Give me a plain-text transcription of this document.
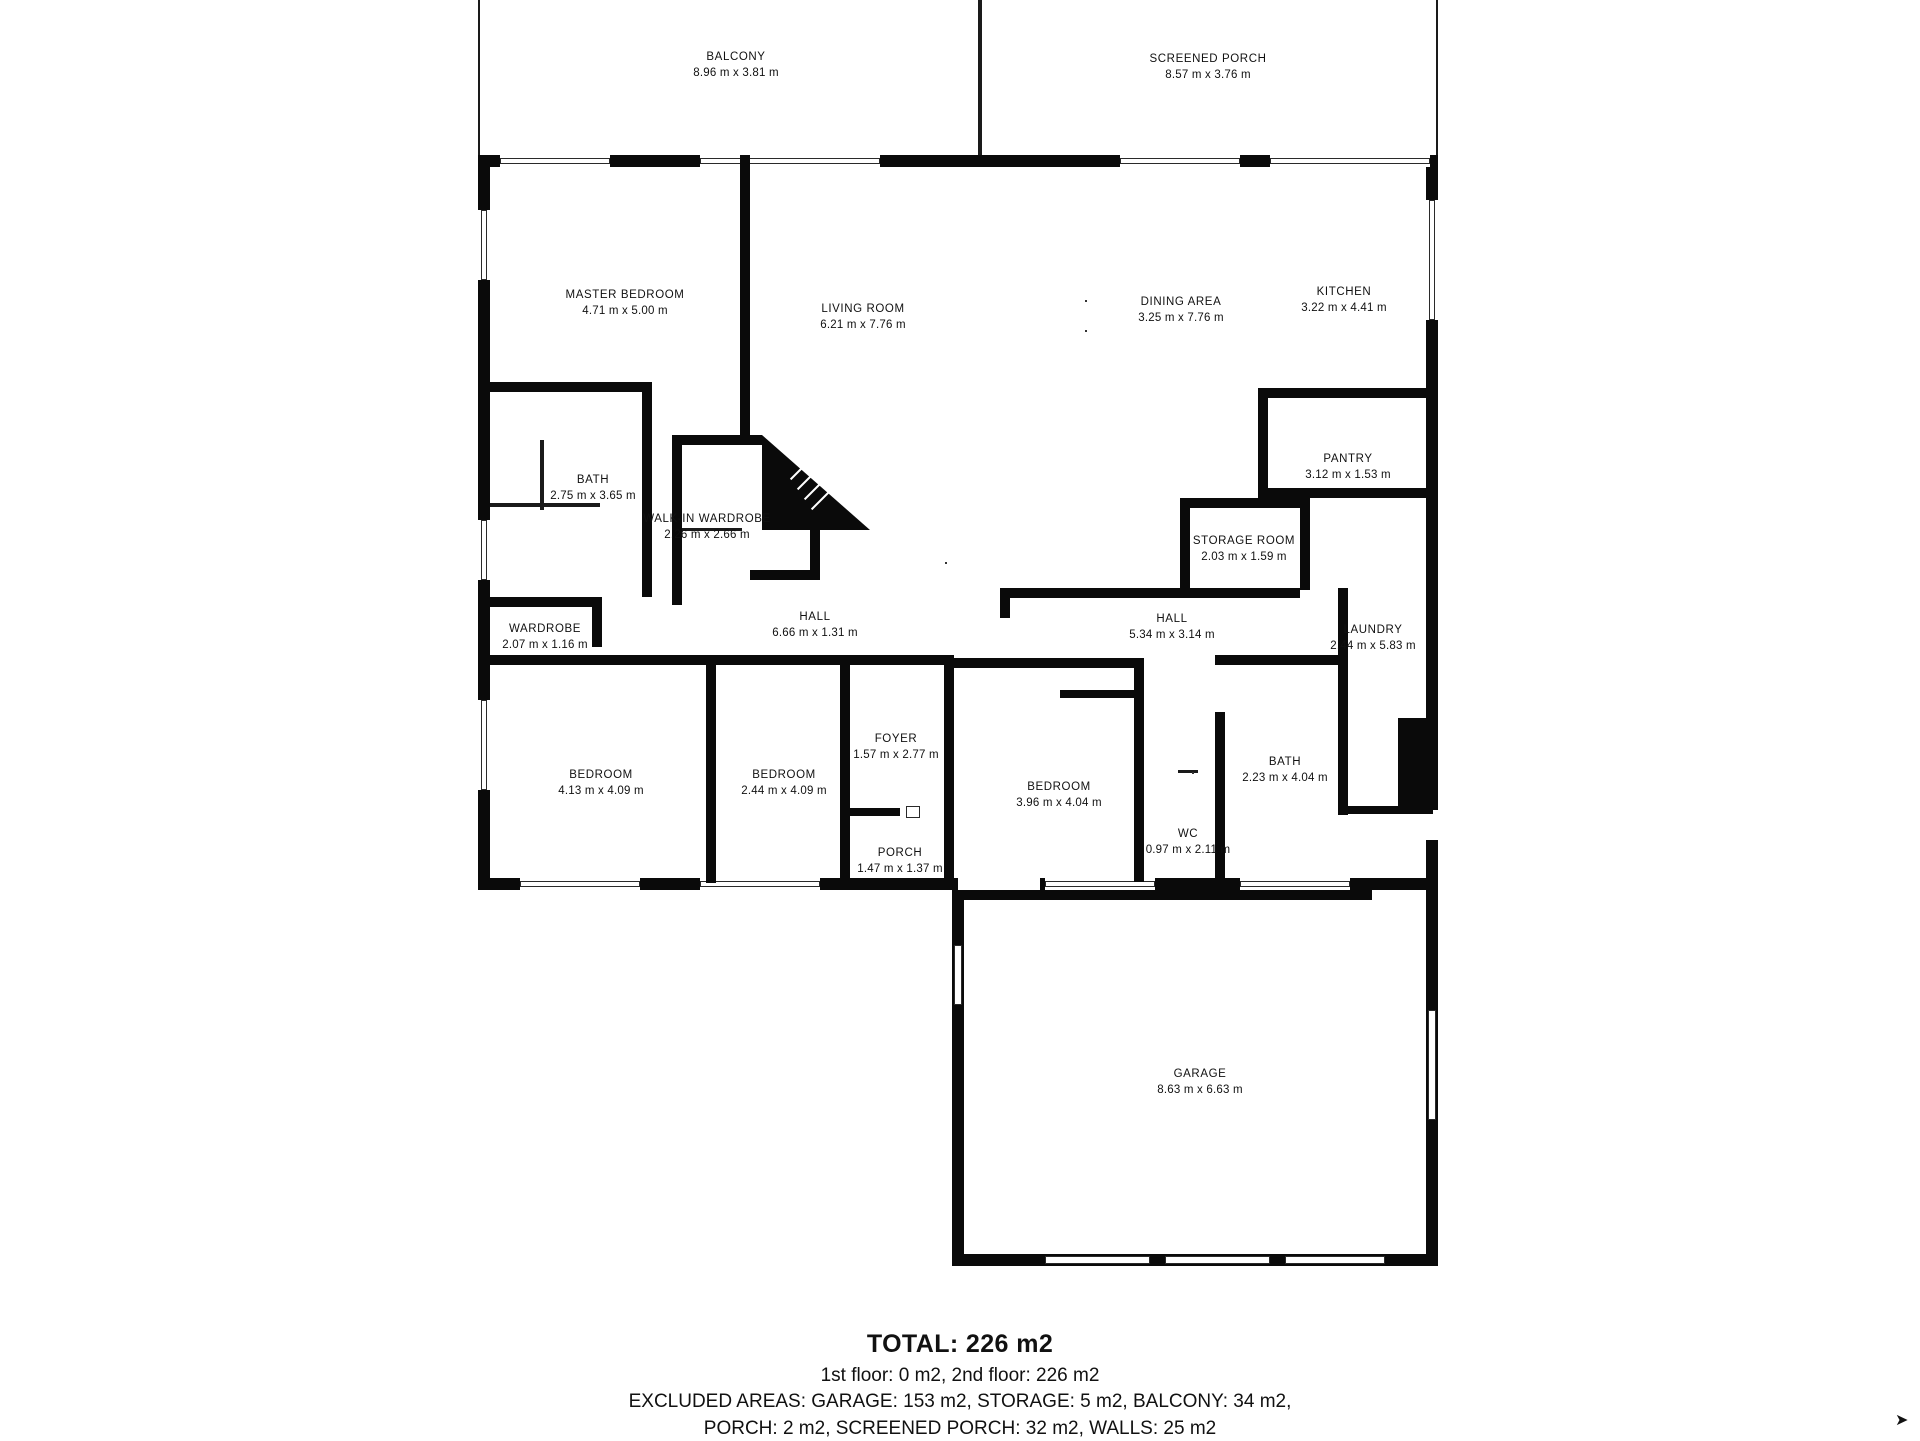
BALCONY
8.96 m x 3.81 m
SCREENED PORCH
8.57 m x 3.76 m
MASTER BEDROOM
4.71 m x 5.00 m	LIVING ROOM
6.21 m x 7.76 m
DINING AREA
3.25 m x 7.76 m
KITCHEN
3.22 m x 4.41 m
BATH
2.75 m x 3.65 m
WALK-IN WARDROBE
2.26 m x 2.66 m
PANTRY
3.12 m x 1.53 m
STORAGE ROOM
2.03 m x 1.59 m
WARDROBE
2.07 m x 1.16 m
HALL
6.66 m x 1.31 m
HALL
5.34 m x 3.14 m	LAUNDRY
2.44 m x 5.83 m
FOYER
1.57 m x 2.77 m
BEDROOM
4.13 m x 4.09 m
BEDROOM
2.44 m x 4.09 m	BEDROOM
3.96 m x 4.04 m
BATH
2.23 m x 4.04 m
WC
0.97 m x 2.11 m
PORCH
1.47 m x 1.37 m
GARAGE
8.63 m x 6.63 m
TOTAL: 226 m2
1st floor: 0 m2, 2nd floor: 226 m2
EXCLUDED AREAS: GARAGE: 153 m2, STORAGE: 5 m2, BALCONY: 34 m2,
PORCH: 2 m2, SCREENED PORCH: 32 m2, WALLS: 25 m2	➤
